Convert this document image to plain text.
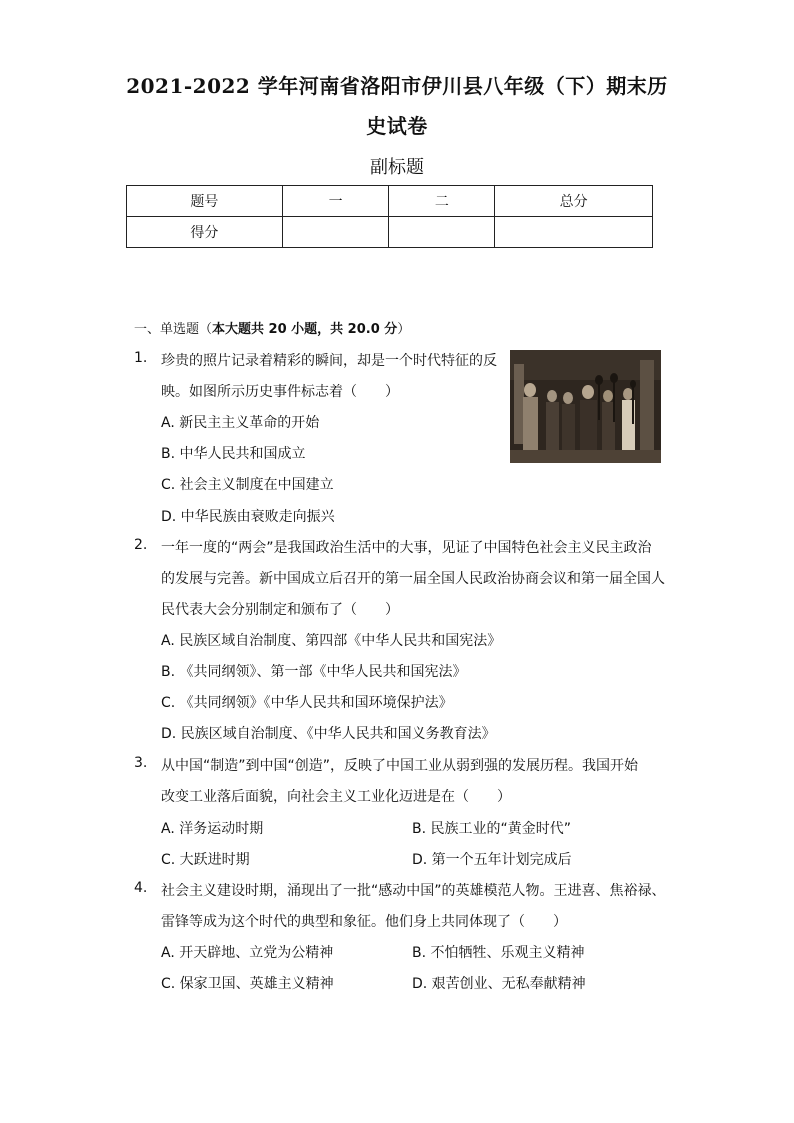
2021-2022 学年河南省洛阳市伊川县八年级（下）期末历
史试卷
副标题
题号	一	二	总分
得分			
一、单选题（本大题共 20 小题，共 20.0 分）
1. 珍贵的照片记录着精彩的瞬间，却是一个时代特征的反
映。如图所示历史事件标志着（　　）
A. 新民主主义革命的开始
B. 中华人民共和国成立
C. 社会主义制度在中国建立
D. 中华民族由衰败走向振兴
2. 一年一度的“两会”是我国政治生活中的大事，见证了中国特色社会主义民主政治
的发展与完善。新中国成立后召开的第一届全国人民政治协商会议和第一届全国人
民代表大会分别制定和颁布了（　　）
A. 民族区域自治制度、第四部《中华人民共和国宪法》
B. 《共同纲领》、第一部《中华人民共和国宪法》
C. 《共同纲领》《中华人民共和国环境保护法》
D. 民族区域自治制度、《中华人民共和国义务教育法》
3. 从中国“制造”到中国“创造”，反映了中国工业从弱到强的发展历程。我国开始
改变工业落后面貌，向社会主义工业化迈进是在（　　）
A. 洋务运动时期	B. 民族工业的“黄金时代”
C. 大跃进时期	D. 第一个五年计划完成后
4. 社会主义建设时期，涌现出了一批“感动中国”的英雄模范人物。王进喜、焦裕禄、
雷锋等成为这个时代的典型和象征。他们身上共同体现了（　　）
A. 开天辟地、立党为公精神	B. 不怕牺牲、乐观主义精神
C. 保家卫国、英雄主义精神	D. 艰苦创业、无私奉献精神
